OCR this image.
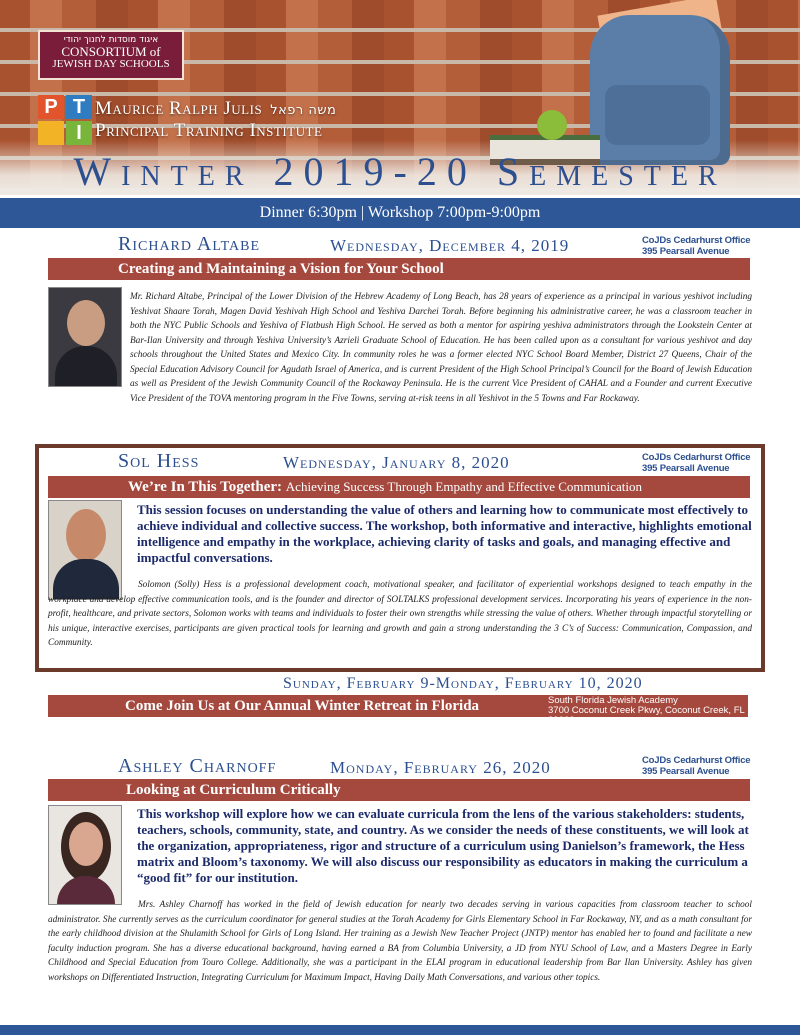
איגוד מוסדות לחנוך יהודי
CONSORTIUM of
JEWISH DAY SCHOOLS
P T
I
Maurice Ralph Julis משה רפאל
Principal Training Institute
Winter 2019-20 Semester
Dinner 6:30pm | Workshop 7:00pm-9:00pm
Richard Altabe	Wednesday, December 4, 2019	CoJDs Cedarhurst Office
395 Pearsall Avenue
Creating and Maintaining a Vision for Your School
Mr. Richard Altabe, Principal of the Lower Division of the Hebrew Academy of Long Beach, has 28 years of experience as a principal in various yeshivot including Yeshivat Shaare Torah, Magen David Yeshivah High School and Yeshiva Darchei Torah. Before beginning his administrative career, he was a classroom teacher in both the NYC Public Schools and Yeshiva of Flatbush High School. He served as both a mentor for aspiring yeshiva administrators through the Lookstein Center at Bar-Ilan University and through Yeshiva University’s Azrieli Graduate School of Education. He has been called upon as a consultant for various yeshivot and day schools throughout the United States and Mexico City. In community roles he was a former elected NYC School Board Member, District 27 Queens, Chair of the Special Education Advisory Council for Agudath Israel of America, and is current President of the High School Principal’s Council for the Board of Jewish Education as well as President of the Jewish Community Council of the Rockaway Peninsula. He is the current Vice President of CAHAL and a Founder and current Executive Vice President of the TOVA mentoring program in the Five Towns, serving at-risk teens in all Yeshivot in the 5 Towns and Far Rockaway.
Sol Hess	Wednesday, January 8, 2020	CoJDs Cedarhurst Office
395 Pearsall Avenue
We’re In This Together: Achieving Success Through Empathy and Effective Communication
This session focuses on understanding the value of others and learning how to communicate most effectively to achieve individual and collective success. The workshop, both informative and interactive, highlights emotional intelligence and empathy in the workplace, achieving clarity of tasks and goals, and managing effective and impactful conversations.
Solomon (Solly) Hess is a professional development coach, motivational speaker, and facilitator of experiential workshops designed to teach empathy in the workplace and develop effective communication tools, and is the founder and director of SOLTALKS professional development services. Incorporating his years of experience in the non-profit, healthcare, and private sectors, Solomon works with teams and individuals to foster their own strengths while stressing the value of others. Whether through impactful storytelling or his unique, interactive exercises, participants are given practical tools for learning and growth and gain a strong understanding the 3 C’s of Success: Communication, Compassion, and Community.
Sunday, February 9-Monday, February 10, 2020
Come Join Us at Our Annual Winter Retreat in Florida	South Florida Jewish Academy
3700 Coconut Creek Pkwy, Coconut Creek, FL 33066
Ashley Charnoff	Monday, February 26, 2020	CoJDs Cedarhurst Office
395 Pearsall Avenue
Looking at Curriculum Critically
This workshop will explore how we can evaluate curricula from the lens of the various stakeholders: students, teachers, schools, community, state, and country. As we consider the needs of these constituents, we will look at the organization, appropriateness, rigor and structure of a curriculum using Danielson’s framework, the Hess matrix and Bloom’s taxonomy. We will also discuss our responsibility as educators in making the curriculum a “good fit” for our institution.
Mrs. Ashley Charnoff has worked in the field of Jewish education for nearly two decades serving in various capacities from classroom teacher to school administrator. She currently serves as the curriculum coordinator for general studies at the Torah Academy for Girls Elementary School in Far Rockaway, NY, and as a math consultant for the early childhood division at the Shulamith School for Girls of Long Island. Her training as a Jewish New Teacher Project (JNTP) mentor has enabled her to found and facilitate a new faculty induction program. She has a diverse educational background, having earned a BA from Columbia University, a JD from NYU School of Law, and a Masters Degree in Early Childhood and Special Education from Touro College. Additionally, she was a participant in the ELAI program in educational leadership from Bar Ilan University. Ashley has given workshops on Differentiated Instruction, Integrating Curriculum for Maximum Impact, Having Daily Math Conversations, and various other topics.
